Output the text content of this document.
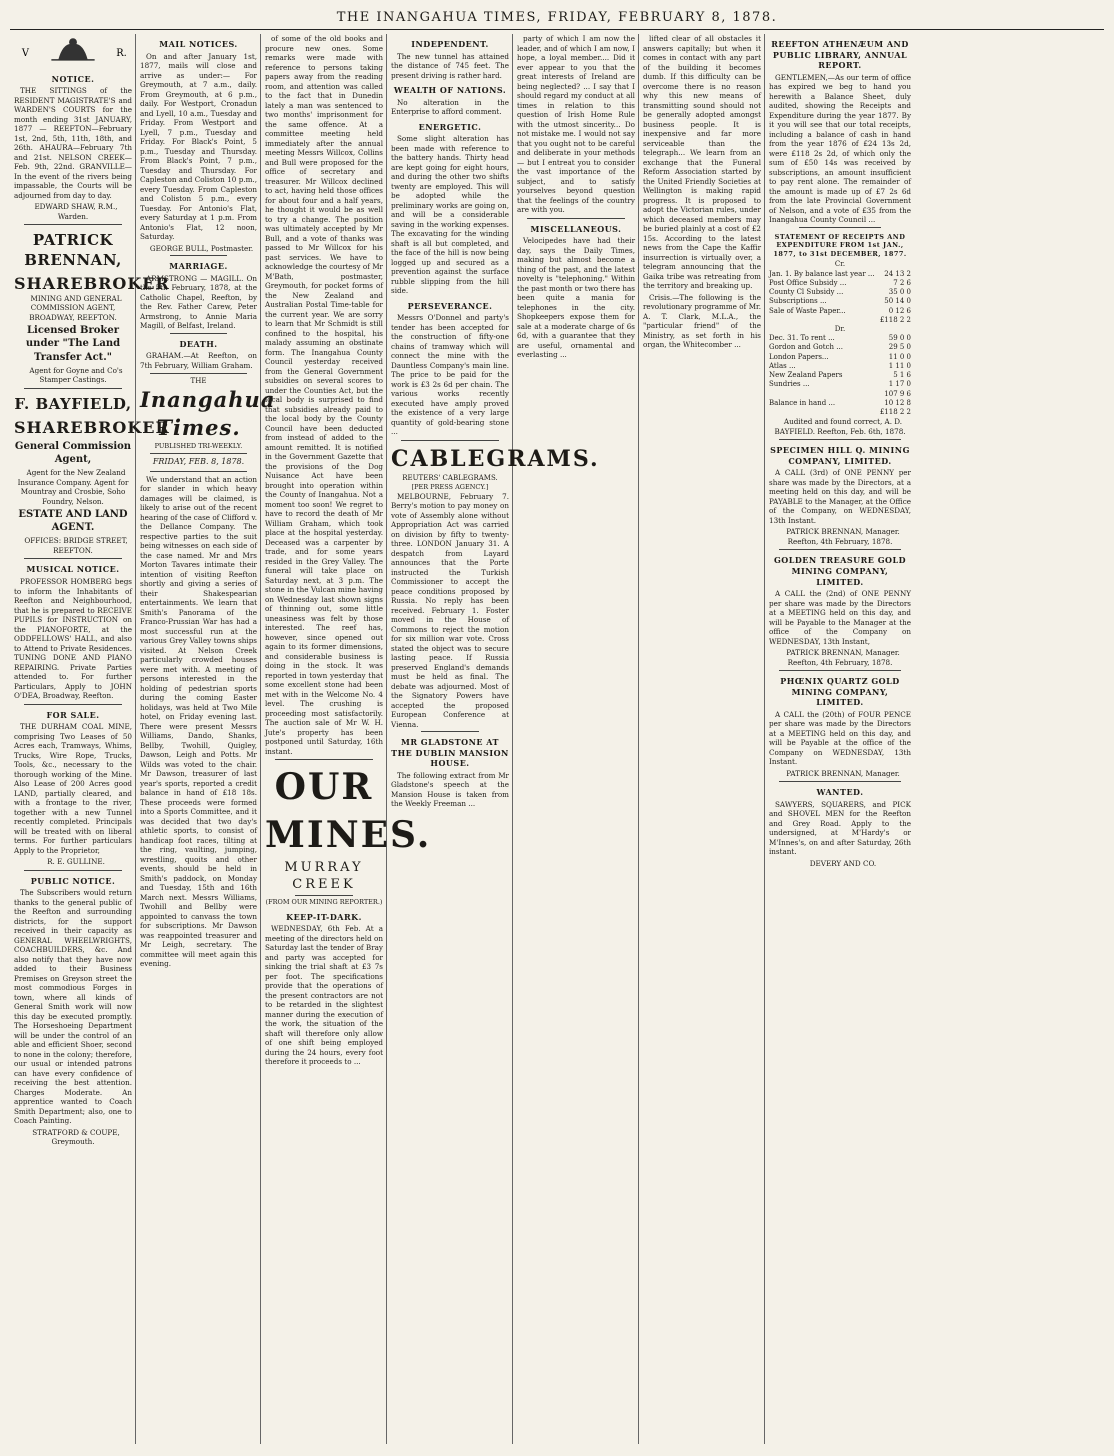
THE INANGAHUA TIMES, FRIDAY, FEBRUARY 8, 1878.
V	R.
NOTICE.

THE SITTINGS of the RESIDENT MAGISTRATE'S and WARDEN'S COURTS for the month ending 31st JANUARY, 1877 — REEFTON—February 1st, 2nd, 5th, 11th, 18th, and 26th. AHAURA—February 7th and 21st. NELSON CREEK—Feb. 9th, 22nd. GRANVILLE— In the event of the rivers being impassable, the Courts will be adjourned from day to day.

EDWARD SHAW, R.M., Warden.

PATRICK BRENNAN,
SHAREBROKER

MINING AND GENERAL COMMISSION AGENT, BROADWAY, REEFTON.

Licensed Broker under "The Land Transfer Act."

Agent for Goyne and Co's Stamper Castings.

F. BAYFIELD,
SHAREBROKER
General Commission Agent,

Agent for the New Zealand Insurance Company. Agent for Mountray and Crosbie, Soho Foundry, Nelson.

ESTATE AND LAND AGENT.

OFFICES: BRIDGE STREET, REEFTON.

MUSICAL NOTICE.

PROFESSOR HOMBERG begs to inform the Inhabitants of Reefton and Neighbourhood, that he is prepared to RECEIVE PUPILS for INSTRUCTION on the PIANOFORTE, at the ODDFELLOWS' HALL, and also to Attend to Private Residences. TUNING DONE AND PIANO REPAIRING. Private Parties attended to. For further Particulars, Apply to JOHN O'DEA, Broadway, Reefton.

FOR SALE.

THE DURHAM COAL MINE, comprising Two Leases of 50 Acres each, Tramways, Whims, Trucks, Wire Rope, Trucks, Tools, &c., necessary to the thorough working of the Mine. Also Lease of 200 Acres good LAND, partially cleared, and with a frontage to the river, together with a new Tunnel recently completed. Principals will be treated with on liberal terms. For further particulars Apply to the Proprietor,

R. E. GULLINE.

PUBLIC NOTICE.

The Subscribers would return thanks to the general public of the Reefton and surrounding districts, for the support received in their capacity as GENERAL WHEELWRIGHTS, COACHBUILDERS, &c. And also notify that they have now added to their Business Premises on Greyson street the most commodious Forges in town, where all kinds of General Smith work will now this day be executed promptly. The Horseshoeing Department will be under the control of an able and efficient Shoer, second to none in the colony; therefore, our usual or intended patrons can have every confidence of receiving the best attention. Charges Moderate. An apprentice wanted to Coach Smith Department; also, one to Coach Painting.

STRATFORD & COUPE, Greymouth.

MAIL NOTICES.

On and after January 1st, 1877, mails will close and arrive as under:— For Greymouth, at 7 a.m., daily. From Greymouth, at 6 p.m., daily. For Westport, Cronadun and Lyell, 10 a.m., Tuesday and Friday. From Westport and Lyell, 7 p.m., Tuesday and Friday. For Black's Point, 5 p.m., Tuesday and Thursday. From Black's Point, 7 p.m., Tuesday and Thursday. For Capleston and Coliston 10 p.m., every Tuesday. From Capleston and Coliston 5 p.m., every Tuesday. For Antonio's Flat, every Saturday at 1 p.m. From Antonio's Flat, 12 noon, Saturday.

GEORGE BULL, Postmaster.

MARRIAGE.

ARMSTRONG — MAGILL. On the 5th February, 1878, at the Catholic Chapel, Reefton, by the Rev. Father Carew, Peter Armstrong, to Annie Maria Magill, of Belfast, Ireland.

DEATH.

GRAHAM.—At Reefton, on 7th February, William Graham.

THE
Inangahua Times.
PUBLISHED TRI-WEEKLY.
FRIDAY, FEB. 8, 1878.

We understand that an action for slander in which heavy damages will be claimed, is likely to arise out of the recent hearing of the case of Clifford v. the Dellance Company. The respective parties to the suit being witnesses on each side of the case named. Mr and Mrs Morton Tavares intimate their intention of visiting Reefton shortly and giving a series of their Shakespearian entertainments. We learn that Smith's Panorama of the Franco-Prussian War has had a most successful run at the various Grey Valley towns ships visited. At Nelson Creek particularly crowded houses were met with. A meeting of persons interested in the holding of pedestrian sports during the coming Easter holidays, was held at Two Mile hotel, on Friday evening last. There were present Messrs Williams, Dando, Shanks, Bellby, Twohill, Quigley, Dawson, Leigh and Potts. Mr Wilds was voted to the chair. Mr Dawson, treasurer of last year's sports, reported a credit balance in hand of £18 18s. These proceeds were formed into a Sports Committee, and it was decided that two day's athletic sports, to consist of handicap foot races, tilting at the ring, vaulting, jumping, wrestling, quoits and other events, should be held in Smith's paddock, on Monday and Tuesday, 15th and 16th March next. Messrs Williams, Twohill and Bellby were appointed to canvass the town for subscriptions. Mr Dawson was reappointed treasurer and Mr Leigh, secretary. The committee will meet again this evening.

of some of the old books and procure new ones. Some remarks were made with reference to persons taking papers away from the reading room, and attention was called to the fact that in Dunedin lately a man was sentenced to two months' imprisonment for the same offence. At a committee meeting held immediately after the annual meeting Messrs Willcox, Collins and Bull were proposed for the office of secretary and treasurer. Mr Willcox declined to act, having held those offices for about four and a half years, he thought it would be as well to try a change. The position was ultimately accepted by Mr Bull, and a vote of thanks was passed to Mr Willcox for his past services. We have to acknowledge the courtesy of Mr M'Bath, postmaster, Greymouth, for pocket forms of the New Zealand and Australian Postal Time-table for the current year. We are sorry to learn that Mr Schmidt is still confined to the hospital, his malady assuming an obstinate form. The Inangahua County Council yesterday received from the General Government subsidies on several scores to under the Counties Act, but the local body is surprised to find that subsidies already paid to the local body by the County Council have been deducted from instead of added to the amount remitted. It is notified in the Government Gazette that the provisions of the Dog Nuisance Act have been brought into operation within the County of Inangahua. Not a moment too soon! We regret to have to record the death of Mr William Graham, which took place at the hospital yesterday. Deceased was a carpenter by trade, and for some years resided in the Grey Valley. The funeral will take place on Saturday next, at 3 p.m. The stone in the Vulcan mine having on Wednesday last shown signs of thinning out, some little uneasiness was felt by those interested. The reef has, however, since opened out again to its former dimensions, and considerable business is doing in the stock. It was reported in town yesterday that some excellent stone had been met with in the Welcome No. 4 level. The crushing is proceeding most satisfactorily. The auction sale of Mr W. H. Jute's property has been postponed until Saturday, 16th instant.

OUR MINES.
MURRAY CREEK
(FROM OUR MINING REPORTER.)
KEEP-IT-DARK.

WEDNESDAY, 6th Feb. At a meeting of the directors held on Saturday last the tender of Bray and party was accepted for sinking the trial shaft at £3 7s per foot. The specifications provide that the operations of the present contractors are not to be retarded in the slightest manner during the execution of the work, the situation of the shaft will therefore only allow of one shift being employed during the 24 hours, every foot therefore it proceeds to ...

INDEPENDENT.

The new tunnel has attained the distance of 745 feet. The present driving is rather hard.

WEALTH OF NATIONS.

No alteration in the Enterprise to afford comment.

ENERGETIC.

Some slight alteration has been made with reference to the battery hands. Thirty head are kept going for eight hours, and during the other two shifts twenty are employed. This will be adopted while the preliminary works are going on, and will be a considerable saving in the working expenses. The excavating for the winding shaft is all but completed, and the face of the hill is now being logged up and secured as a prevention against the surface rubble slipping from the hill side.

PERSEVERANCE.

Messrs O'Donnel and party's tender has been accepted for the construction of fifty-one chains of tramway which will connect the mine with the Dauntless Company's main line. The price to be paid for the work is £3 2s 6d per chain. The various works recently executed have amply proved the existence of a very large quantity of gold-bearing stone ...

CABLEGRAMS.
REUTERS' CABLEGRAMS.
[PER PRESS AGENCY.]

MELBOURNE, February 7. Berry's motion to pay money on vote of Assembly alone without Appropriation Act was carried on division by fifty to twenty-three. LONDON January 31. A despatch from Layard announces that the Porte instructed the Turkish Commissioner to accept the peace conditions proposed by Russia. No reply has been received. February 1. Foster moved in the House of Commons to reject the motion for six million war vote. Cross stated the object was to secure lasting peace. If Russia preserved England's demands must be held as final. The debate was adjourned. Most of the Signatory Powers have accepted the proposed European Conference at Vienna.

MR GLADSTONE AT THE DUBLIN MANSION HOUSE.

The following extract from Mr Gladstone's speech at the Mansion House is taken from the Weekly Freeman ...

party of which I am now the leader, and of which I am now, I hope, a loyal member.... Did it ever appear to you that the great interests of Ireland are being neglected? ... I say that I should regard my conduct at all times in relation to this question of Irish Home Rule with the utmost sincerity... Do not mistake me. I would not say that you ought not to be careful and deliberate in your methods — but I entreat you to consider the vast importance of the subject, and to satisfy yourselves beyond question that the feelings of the country are with you.

MISCELLANEOUS.

Velocipedes have had their day, says the Daily Times, making but almost become a thing of the past, and the latest novelty is "telephoning." Within the past month or two there has been quite a mania for telephones in the city. Shopkeepers expose them for sale at a moderate charge of 6s 6d, with a guarantee that they are useful, ornamental and everlasting ...

lifted clear of all obstacles it answers capitally; but when it comes in contact with any part of the building it becomes dumb. If this difficulty can be overcome there is no reason why this new means of transmitting sound should not be generally adopted amongst business people. It is inexpensive and far more serviceable than the telegraph... We learn from an exchange that the Funeral Reform Association started by the United Friendly Societies at Wellington is making rapid progress. It is proposed to adopt the Victorian rules, under which deceased members may be buried plainly at a cost of £2 15s. According to the latest news from the Cape the Kaffir insurrection is virtually over, a telegram announcing that the Gaika tribe was retreating from the territory and breaking up.

Crisis.—The following is the revolutionary programme of Mr. A. T. Clark, M.L.A., the "particular friend" of the Ministry, as set forth in his organ, the Whitecomber ...

REEFTON ATHENÆUM AND PUBLIC LIBRARY, ANNUAL REPORT.

GENTLEMEN,—As our term of office has expired we beg to hand you herewith a Balance Sheet, duly audited, showing the Receipts and Expenditure during the year 1877. By it you will see that our total receipts, including a balance of cash in hand from the year 1876 of £24 13s 2d, were £118 2s 2d, of which only the sum of £50 14s was received by subscriptions, an amount insufficient to pay rent alone. The remainder of the amount is made up of £7 2s 6d from the late Provincial Government of Nelson, and a vote of £35 from the Inangahua County Council ...

STATEMENT OF RECEIPTS AND EXPENDITURE FROM 1st JAN., 1877, to 31st DECEMBER, 1877.
Cr.
Jan. 1. By balance last year ...	24 13 2
Post Office Subsidy ...	7 2 6
County Cl Subsidy ...	35 0 0
Subscriptions ...	50 14 0
Sale of Waste Paper...	0 12 6
£118 2 2
Dr.
Dec. 31. To rent ...	59 0 0
Gordon and Gotch ...	29 5 0
London Papers...	11 0 0
Atlas ...	1 11 0
New Zealand Papers	5 1 6
Sundries ...	1 17 0
107 9 6
Balance in hand ...	10 12 8
£118 2 2

Audited and found correct, A. D. BAYFIELD. Reefton, Feb. 6th, 1878.

SPECIMEN HILL Q. MINING COMPANY, LIMITED.

A CALL (3rd) of ONE PENNY per share was made by the Directors, at a meeting held on this day, and will be PAYABLE to the Manager, at the Office of the Company, on WEDNESDAY, 13th Instant.

PATRICK BRENNAN, Manager. Reefton, 4th February, 1878.

GOLDEN TREASURE GOLD MINING COMPANY, LIMITED.

A CALL the (2nd) of ONE PENNY per share was made by the Directors at a MEETING held on this day, and will be Payable to the Manager at the office of the Company on WEDNESDAY, 13th Instant,

PATRICK BRENNAN, Manager. Reefton, 4th February, 1878.

PHŒNIX QUARTZ GOLD MINING COMPANY, LIMITED.

A CALL the (20th) of FOUR PENCE per share was made by the Directors at a MEETING held on this day, and will be Payable at the office of the Company on WEDNESDAY, 13th Instant.

PATRICK BRENNAN, Manager.

WANTED.

SAWYERS, SQUARERS, and PICK and SHOVEL MEN for the Reefton and Grey Road. Apply to the undersigned, at M'Hardy's or M'Innes's, on and after Saturday, 26th instant.

DEVERY AND CO.
